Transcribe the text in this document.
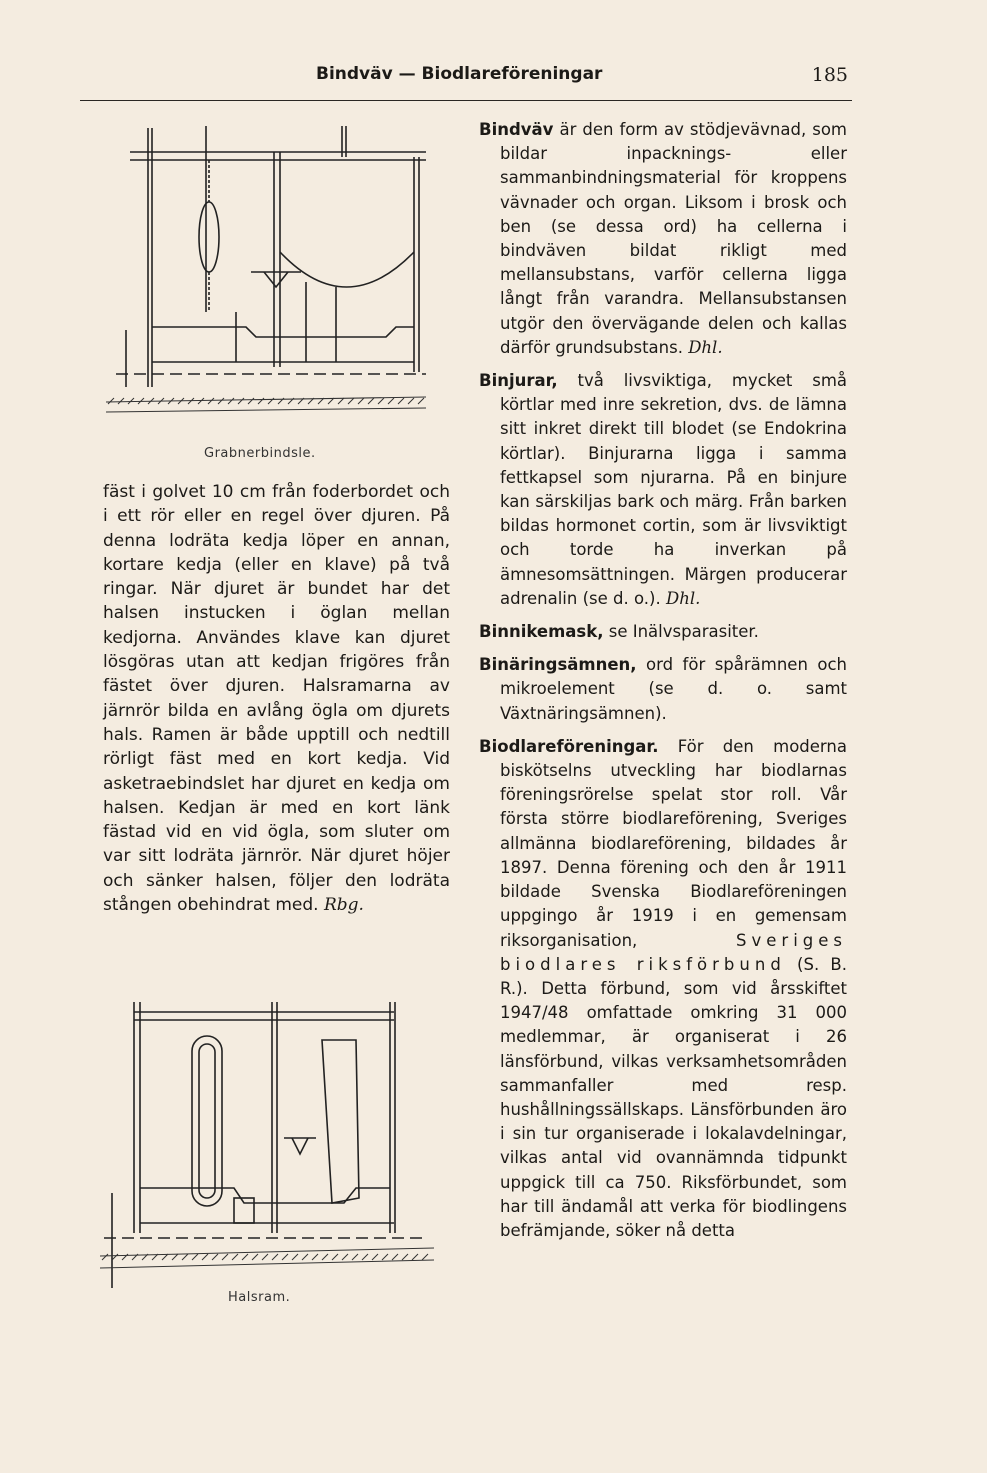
Bindväv — Biodlareföreningar	185
Grabnerbindsle.

fäst i golvet 10 cm från foderbordet och i ett rör eller en regel över djuren. På denna lodräta kedja löper en annan, kortare kedja (eller en klave) på två ringar. När djuret är bundet har det halsen instucken i öglan mellan kedjorna. Användes klave kan djuret lösgöras utan att kedjan frigöres från fästet över djuren. Halsramarna av järnrör bilda en avlång ögla om djurets hals. Ramen är både upptill och nedtill rörligt fäst med en kort kedja. Vid asketraebindslet har djuret en kedja om halsen. Kedjan är med en kort länk fästad vid en vid ögla, som sluter om var sitt lodräta järnrör. När djuret höjer och sänker halsen, följer den lodräta stången obehindrat med. Rbg.

Halsram.

Bindväv är den form av stödjevävnad, som bildar inpacknings- eller sammanbindningsmaterial för kroppens vävnader och organ. Liksom i brosk och ben (se dessa ord) ha cellerna i bindväven bildat rikligt med mellansubstans, varför cellerna ligga långt från varandra. Mellansubstansen utgör den övervägande delen och kallas därför grundsubstans. Dhl.

Binjurar, två livsviktiga, mycket små körtlar med inre sekretion, dvs. de lämna sitt inkret direkt till blodet (se Endokrina körtlar). Binjurarna ligga i samma fettkapsel som njurarna. På en binjure kan särskiljas bark och märg. Från barken bildas hormonet cortin, som är livsviktigt och torde ha inverkan på ämnesomsättningen. Märgen producerar adrenalin (se d. o.). Dhl.

Binnikemask, se Inälvsparasiter.

Binäringsämnen, ord för spårämnen och mikroelement (se d. o. samt Växtnäringsämnen).

Biodlareföreningar. För den moderna biskötselns utveckling har biodlarnas föreningsrörelse spelat stor roll. Vår första större biodlareförening, Sveriges allmänna biodlareförening, bildades år 1897. Denna förening och den år 1911 bildade Svenska Biodlareföreningen uppgingo år 1919 i en gemensam riksorganisation,	Sveriges biodlares riksförbund (S. B. R.). Detta förbund, som vid årsskiftet 1947/48 omfattade omkring 31 000 medlemmar, är organiserat i 26 länsförbund, vilkas verksamhetsområden sammanfaller med resp. hushållningssällskaps. Länsförbunden äro i sin tur organiserade i lokalavdelningar, vilkas antal vid ovannämnda tidpunkt uppgick till ca 750. Riksförbundet, som har till ändamål att verka för biodlingens befrämjande, söker nå detta
